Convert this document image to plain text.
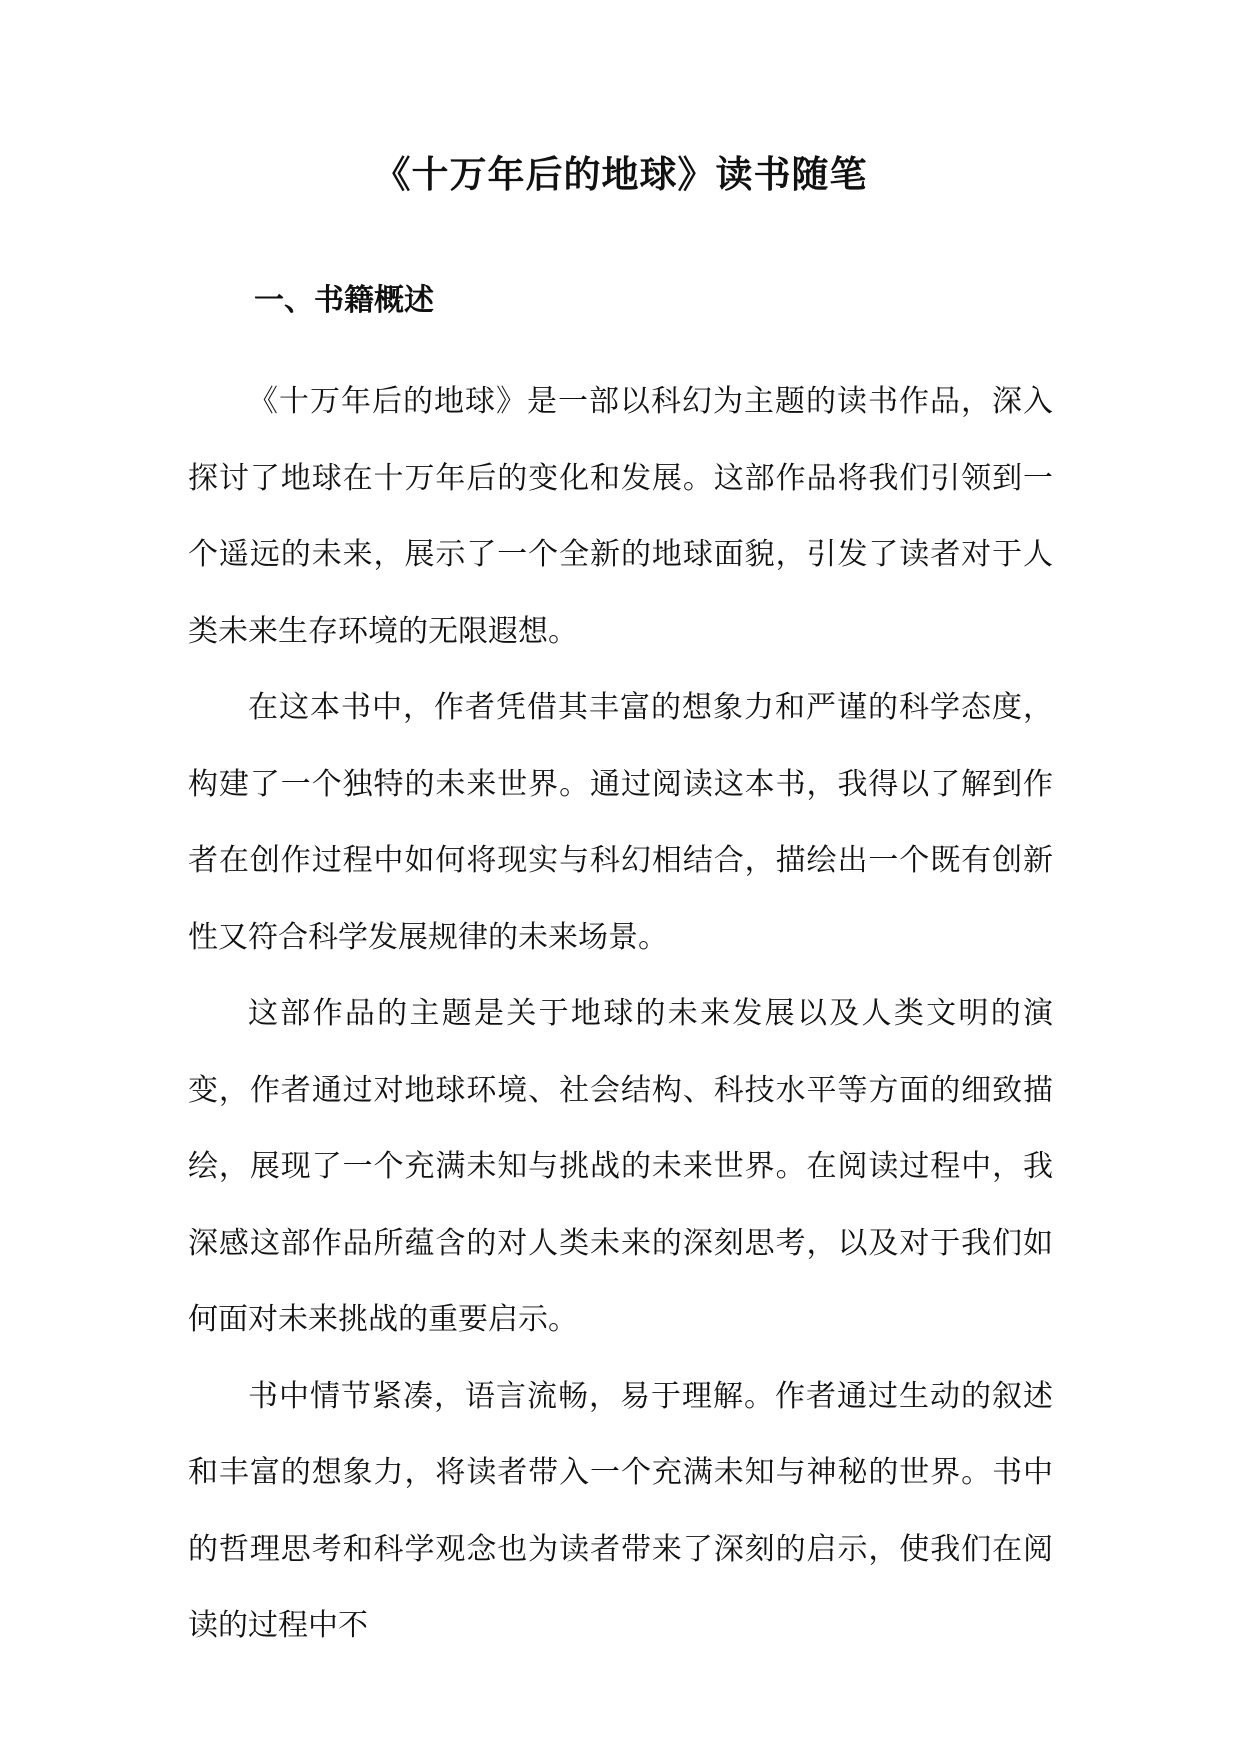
《十万年后的地球》读书随笔
一、书籍概述

《十万年后的地球》是一部以科幻为主题的读书作品，深入探讨了地球在十万年后的变化和发展。这部作品将我们引领到一个遥远的未来，展示了一个全新的地球面貌，引发了读者对于人类未来生存环境的无限遐想。

在这本书中，作者凭借其丰富的想象力和严谨的科学态度，构建了一个独特的未来世界。通过阅读这本书，我得以了解到作者在创作过程中如何将现实与科幻相结合，描绘出一个既有创新性又符合科学发展规律的未来场景。

这部作品的主题是关于地球的未来发展以及人类文明的演变，作者通过对地球环境、社会结构、科技水平等方面的细致描绘，展现了一个充满未知与挑战的未来世界。在阅读过程中，我深感这部作品所蕴含的对人类未来的深刻思考，以及对于我们如何面对未来挑战的重要启示。

书中情节紧凑，语言流畅，易于理解。作者通过生动的叙述和丰富的想象力，将读者带入一个充满未知与神秘的世界。书中的哲理思考和科学观念也为读者带来了深刻的启示，使我们在阅读的过程中不
